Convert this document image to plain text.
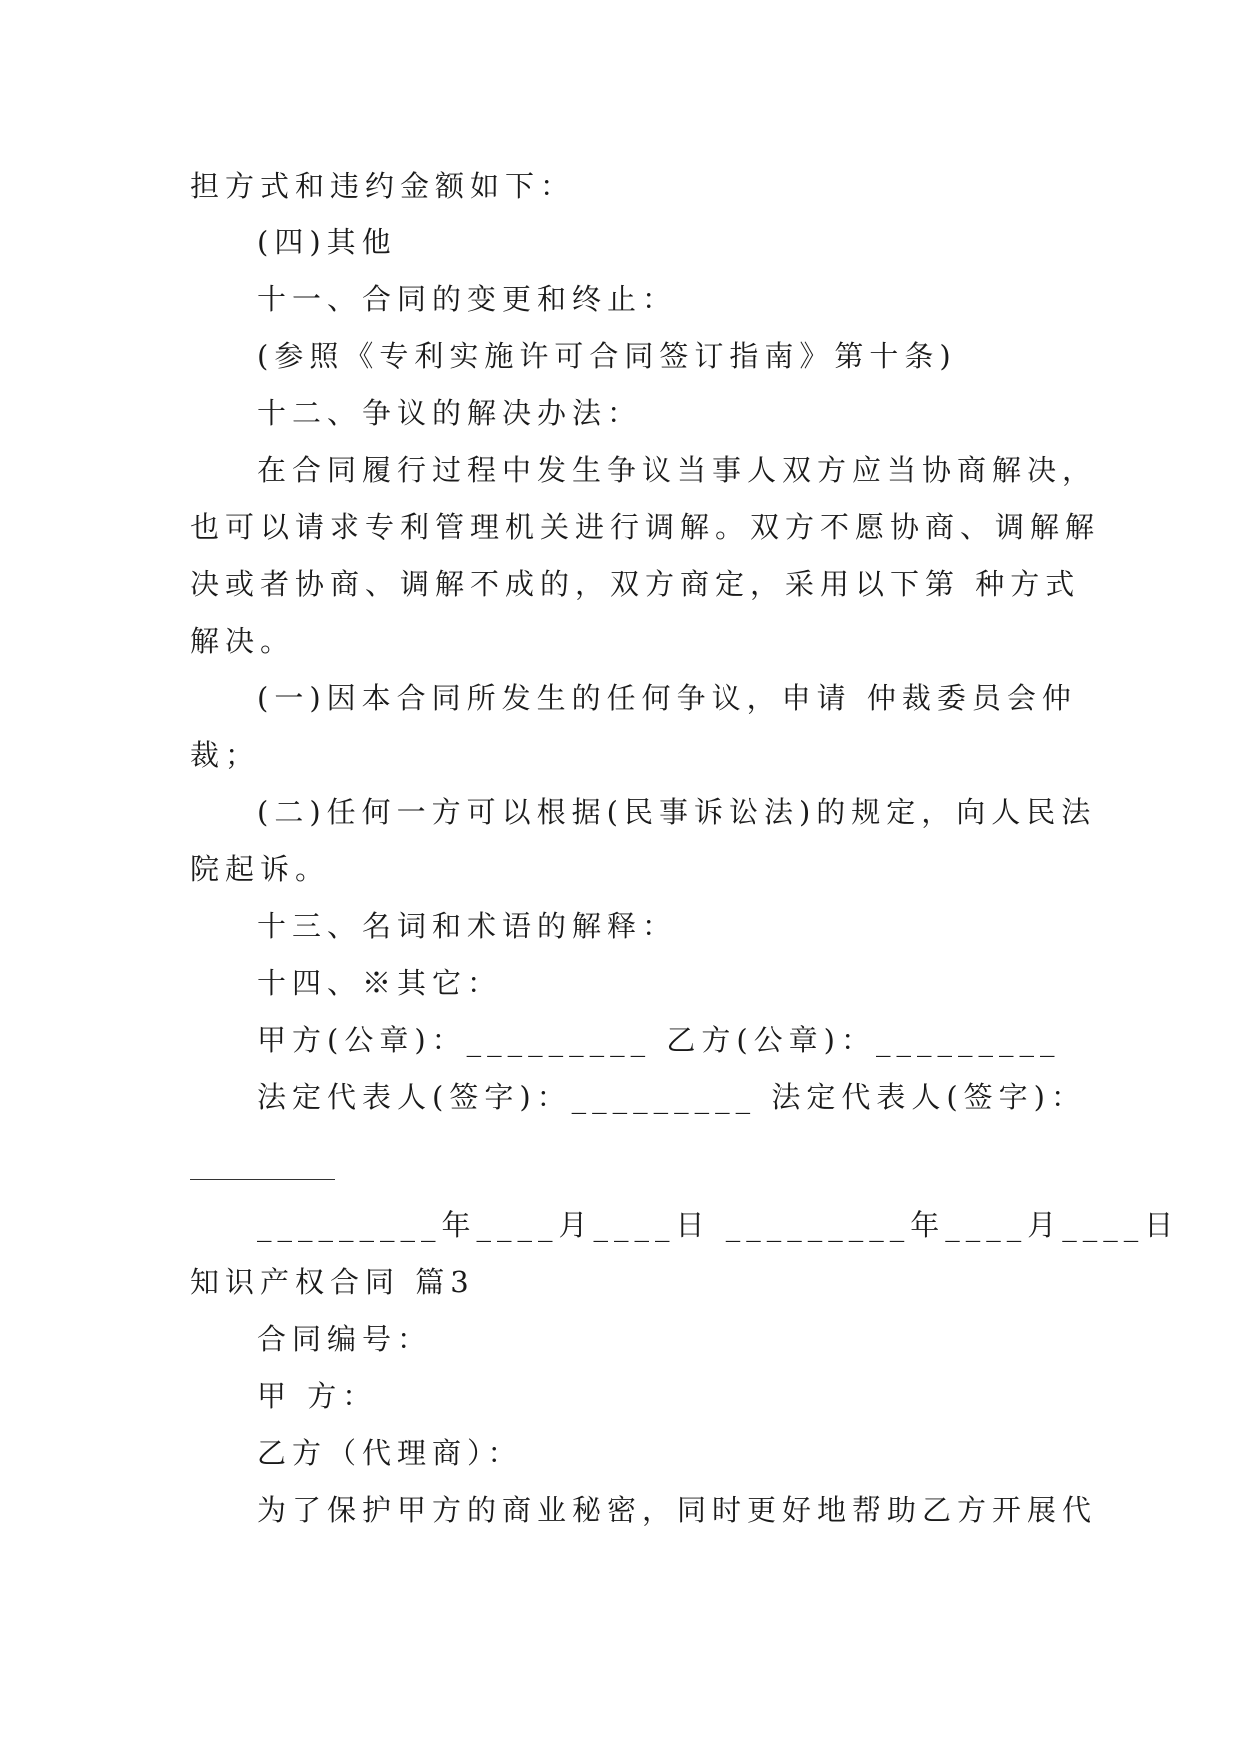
担方式和违约金额如下：
(四)其他
十一、合同的变更和终止：
(参照《专利实施许可合同签订指南》第十条)
十二、争议的解决办法：
在合同履行过程中发生争议当事人双方应当协商解决，
也可以请求专利管理机关进行调解。双方不愿协商、调解解
决或者协商、调解不成的，双方商定，采用以下第 种方式
解决。
(一)因本合同所发生的任何争议，申请 仲裁委员会仲
裁；
(二)任何一方可以根据(民事诉讼法)的规定，向人民法
院起诉。
十三、名词和术语的解释：
十四、※其它：
甲方(公章)：_________ 乙方(公章)：_________
法定代表人(签字)：_________ 法定代表人(签字)：
_________年____月____日 _________年____月____日
知识产权合同 篇3
合同编号：
甲 方：
乙方（代理商）：
为了保护甲方的商业秘密，同时更好地帮助乙方开展代
